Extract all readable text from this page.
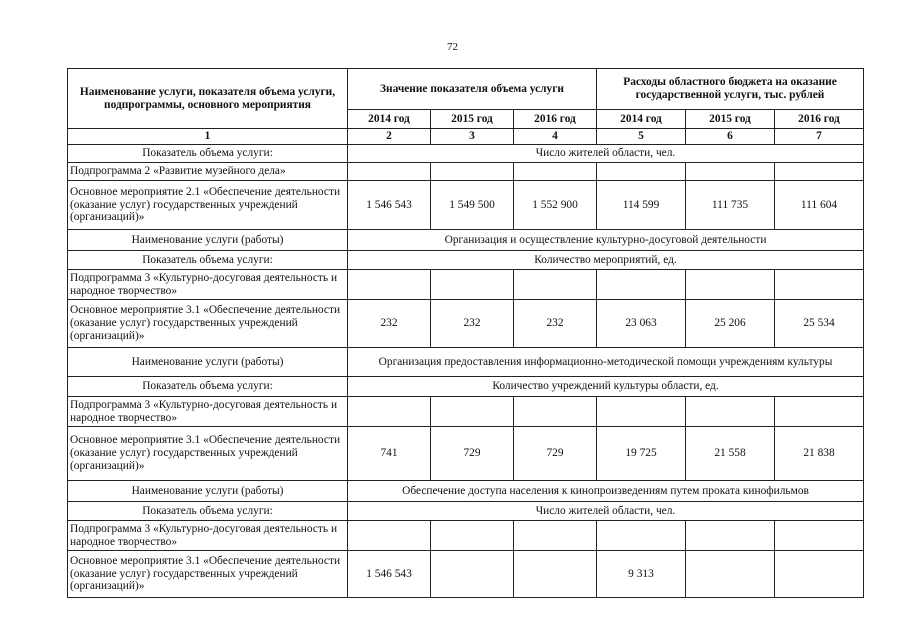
72
Наименование услуги, показателя объема услуги, подпрограммы, основного мероприятия	Значение показателя объема услуги			Расходы областного бюджета на оказание государственной услуги, тыс. рублей		
	2014 год	2015 год	2016 год	2014 год	2015 год	2016 год
1	2	3	4	5	6	7
Показатель объема услуги:	Число жителей области, чел.					
Подпрограмма 2 «Развитие музейного дела»						
Основное мероприятие 2.1 «Обеспечение деятельности (оказание услуг) государственных учреждений (организаций)»	1 546 543	1 549 500	1 552 900	114 599	111 735	111 604
Наименование услуги (работы)	Организация и осуществление культурно-досуговой деятельности					
Показатель объема услуги:	Количество мероприятий, ед.					
Подпрограмма 3 «Культурно-досуговая деятельность и народное творчество»						
Основное мероприятие 3.1 «Обеспечение деятельности (оказание услуг) государственных учреждений (организаций)»	232	232	232	23 063	25 206	25 534
Наименование услуги (работы)	Организация предоставления информационно-методической помощи учреждениям культуры					
Показатель объема услуги:	Количество учреждений культуры области, ед.					
Подпрограмма 3 «Культурно-досуговая деятельность и народное творчество»						
Основное мероприятие 3.1 «Обеспечение деятельности (оказание услуг) государственных учреждений (организаций)»	741	729	729	19 725	21 558	21 838
Наименование услуги (работы)	Обеспечение доступа населения к кинопроизведениям путем проката кинофильмов					
Показатель объема услуги:	Число жителей области, чел.					
Подпрограмма 3 «Культурно-досуговая деятельность и народное творчество»						
Основное мероприятие 3.1 «Обеспечение деятельности (оказание услуг) государственных учреждений (организаций)»	1 546 543			9 313		
